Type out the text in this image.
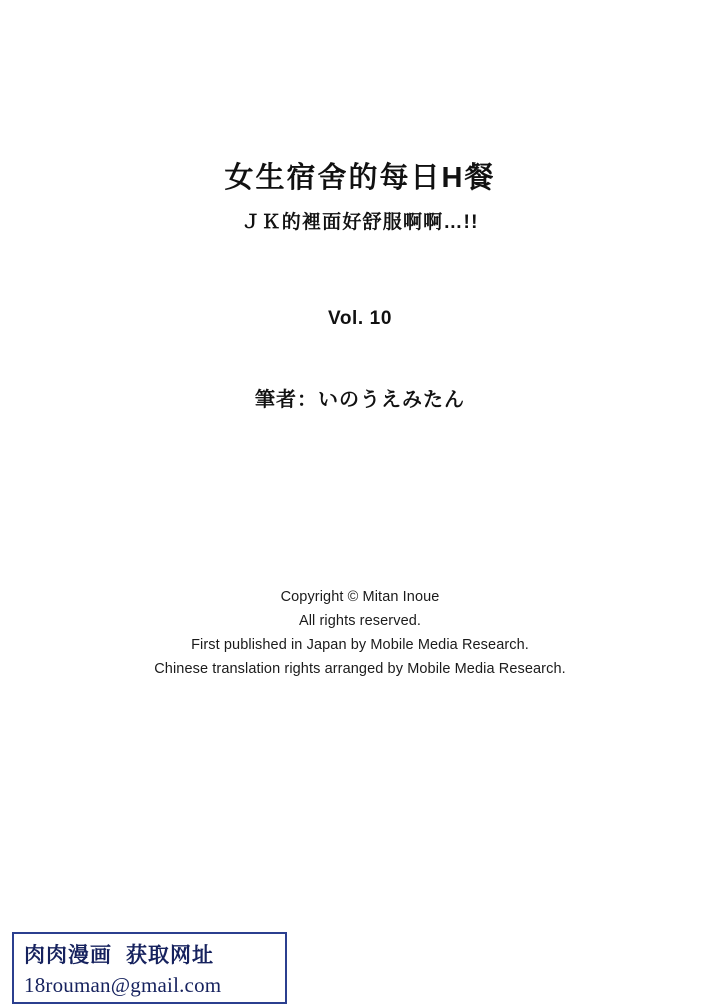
女生宿舍的每日H餐
ＪＫ的裡面好舒服啊啊…!!
Vol. 10
筆者：いのうえみたん
Copyright © Mitan Inoue
All rights reserved.
First published in Japan by Mobile Media Research.
Chinese translation rights arranged by Mobile Media Research.
肉肉漫画 获取网址
18rouman@gmail.com
